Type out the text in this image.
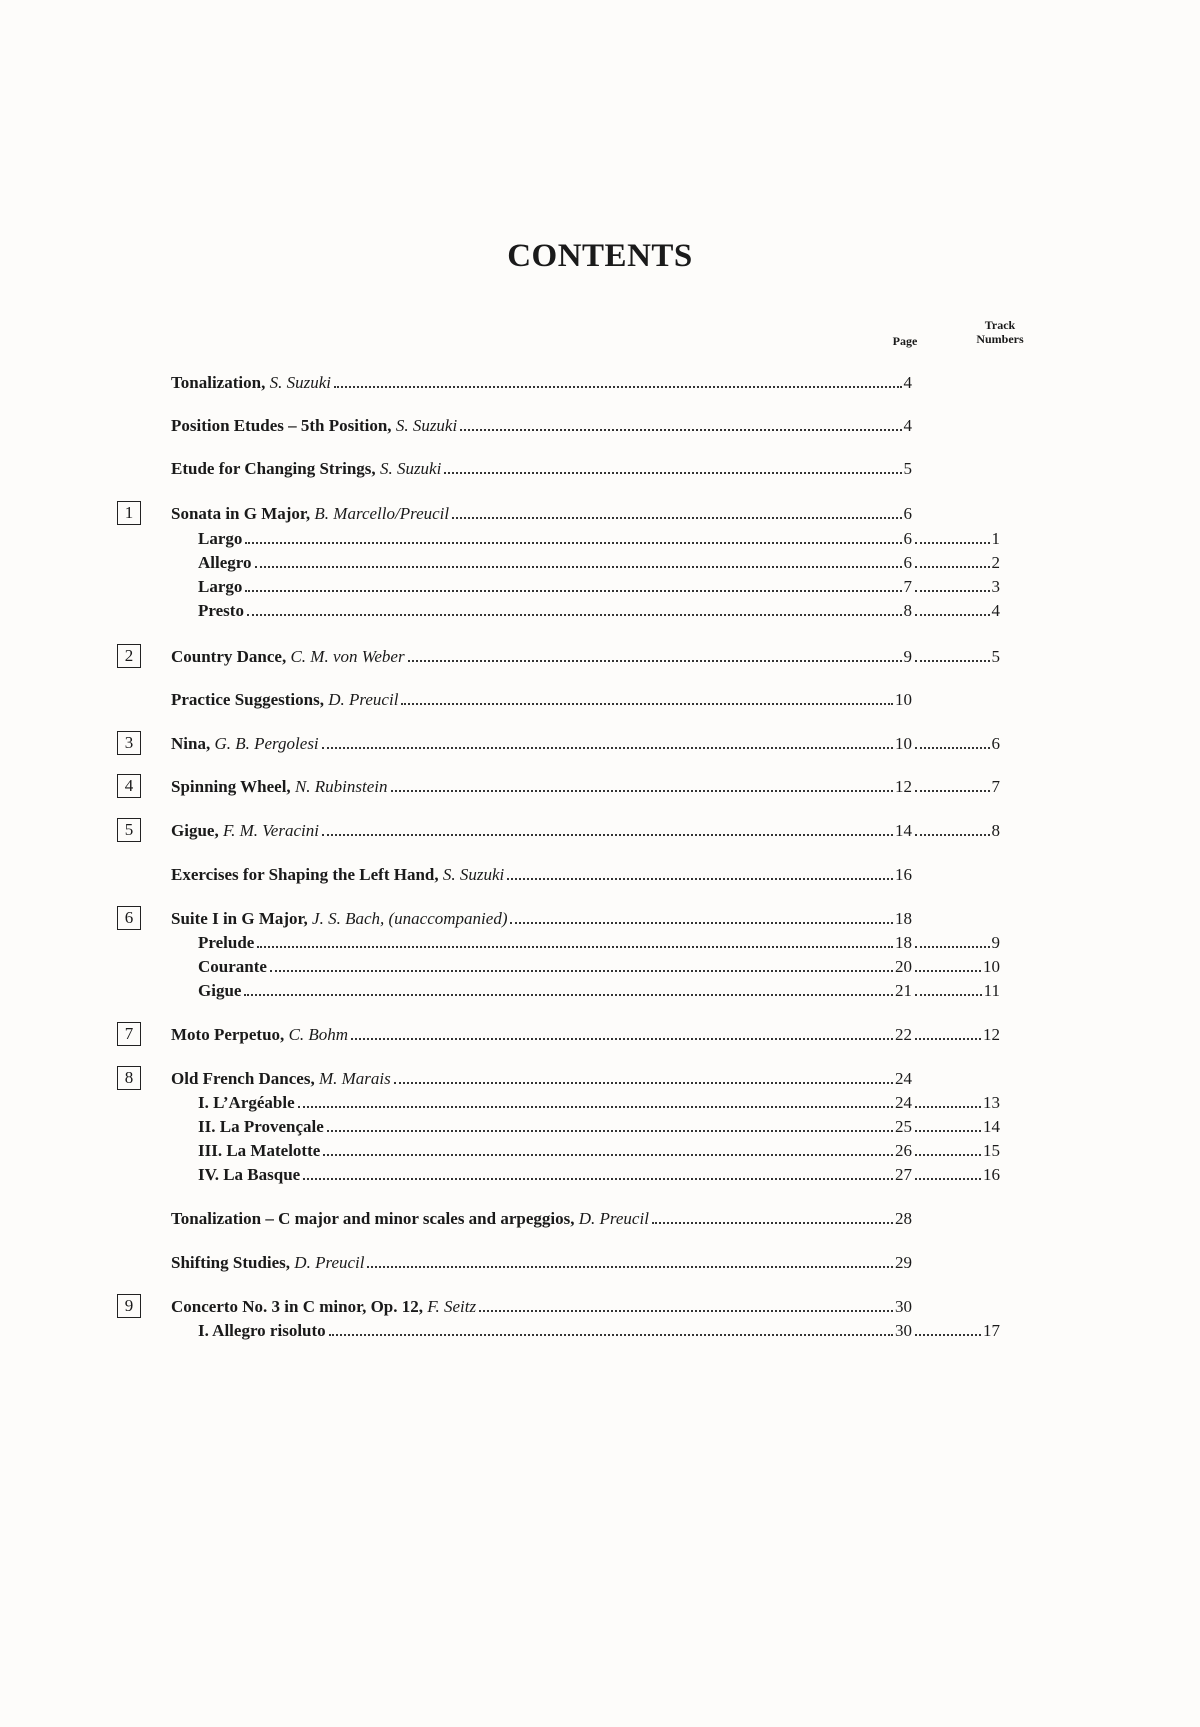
CONTENTS
Page
Track
Numbers
Tonalization,
S. Suzuki	4
Position Etudes – 5th Position,
S. Suzuki	4
Etude for Changing Strings,
S. Suzuki	5
1	Sonata in G Major,
B. Marcello/Preucil	6
Largo	6	1
Allegro	6	2
Largo	7	3
Presto	8	4
2	Country Dance,
C. M. von Weber	9	5
Practice Suggestions,
D. Preucil	10
3	Nina,
G. B. Pergolesi	10	6
4	Spinning Wheel,
N. Rubinstein	12	7
5	Gigue,
F. M. Veracini	14	8
Exercises for Shaping the Left Hand,
S. Suzuki	16
6	Suite I in G Major,
J. S. Bach, (unaccompanied)	18
Prelude	18	9
Courante	20	10
Gigue	21	11
7	Moto Perpetuo,
C. Bohm	22	12
8	Old French Dances,
M. Marais	24
I. L’Argéable	24	13
II. La Provençale	25	14
III. La Matelotte	26	15
IV. La Basque	27	16
Tonalization – C major and minor scales and arpeggios,
D. Preucil	28
Shifting Studies,
D. Preucil	29
9	Concerto No. 3 in C minor, Op. 12,
F. Seitz	30
I. Allegro risoluto	30	17
